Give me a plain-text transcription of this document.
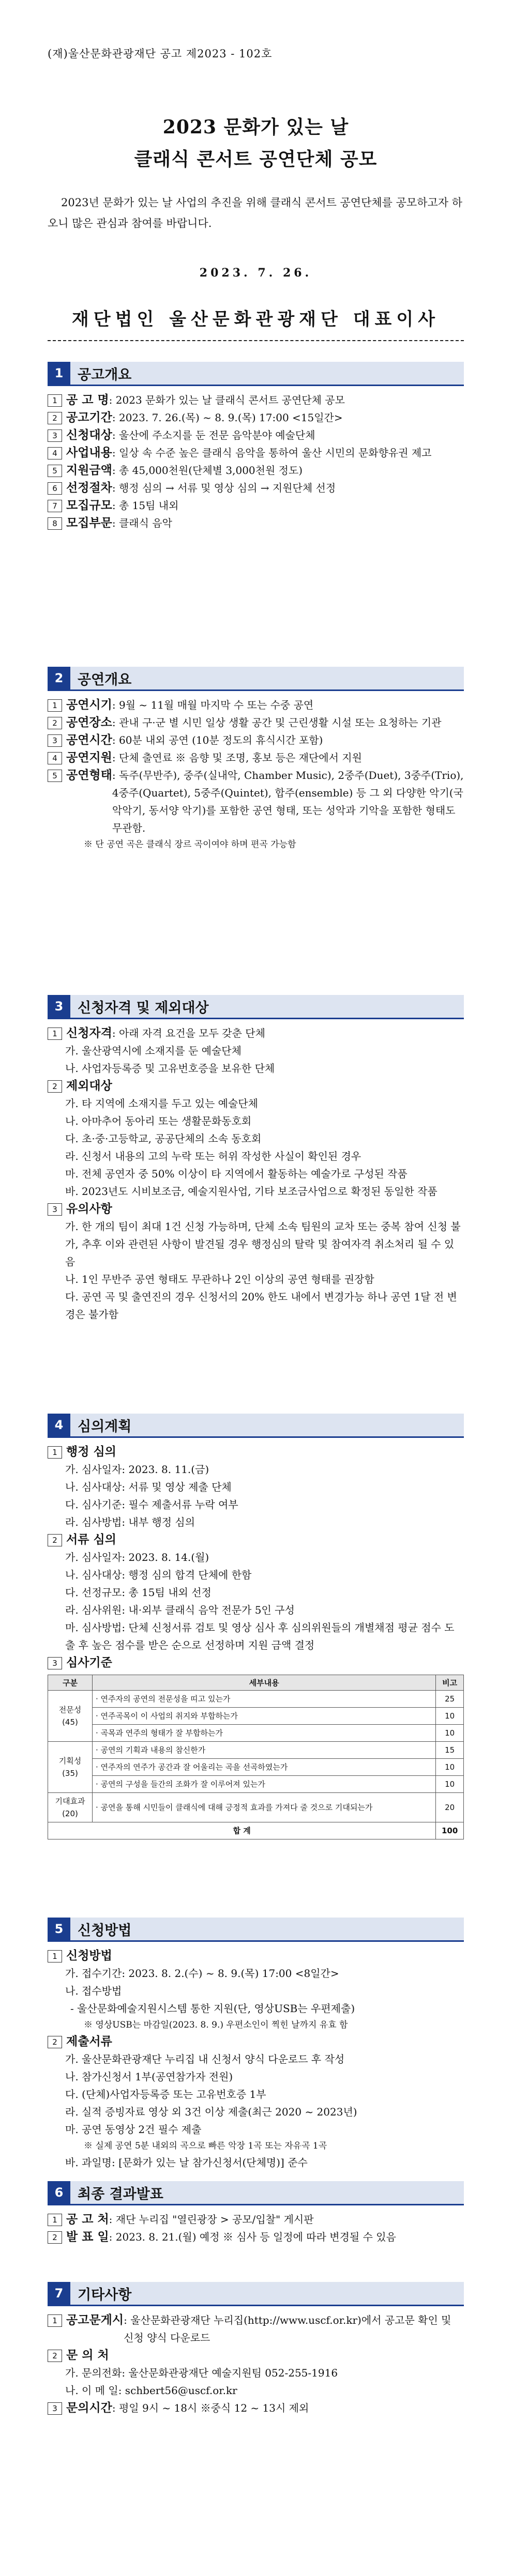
(재)울산문화관광재단 공고 제2023 - 102호
2023 문화가 있는 날
클래식 콘서트 공연단체 공모
2023년 문화가 있는 날 사업의 추진을 위해 클래식 콘서트 공연단체를 공모하고자 하오니 많은 관심과 참여를 바랍니다.
2023. 7. 26.
재단법인 울산문화관광재단 대표이사
1	공고개요
1 공 고 명 : 2023 문화가 있는 날 클래식 콘서트 공연단체 공모
2 공고기간 : 2023. 7. 26.(목) ~ 8. 9.(목) 17:00 <15일간>
3 신청대상 : 울산에 주소지를 둔 전문 음악분야 예술단체
4 사업내용 : 일상 속 수준 높은 클래식 음악을 통하여 울산 시민의 문화향유권 제고
5 지원금액 : 총 45,000천원(단체별 3,000천원 정도)
6 선정절차 : 행정 심의 → 서류 및 영상 심의 → 지원단체 선정
7 모집규모 : 총 15팀 내외
8 모집부문 : 클래식 음악
2	공연개요
1 공연시기 : 9월 ~ 11월 매월 마지막 수 또는 수중 공연
2 공연장소 : 관내 구·군 별 시민 일상 생활 공간 및 근린생활 시설 또는 요청하는 기관
3 공연시간 : 60분 내외 공연 (10분 정도의 휴식시간 포함)
4 공연지원 : 단체 출연료 ※ 음향 및 조명, 홍보 등은 재단에서 지원
5 공연형태 : 독주(무반주), 중주(실내악, Chamber Music), 2중주(Duet), 3중주(Trio), 4중주(Quartet), 5중주(Quintet), 합주(ensemble) 등 그 외 다양한 악기(국악악기, 동서양 악기)를 포함한 공연 형태, 또는 성악과 기악을 포함한 형태도 무관함.
※ 단 공연 곡은 클래식 장르 곡이여야 하며 편곡 가능함
3	신청자격 및 제외대상
1 신청자격 : 아래 자격 요건을 모두 갖춘 단체
가. 울산광역시에 소재지를 둔 예술단체
나. 사업자등록증 및 고유번호증을 보유한 단체
2 제외대상
가. 타 지역에 소재지를 두고 있는 예술단체
나. 아마추어 동아리 또는 생활문화동호회
다. 초·중·고등학교, 공공단체의 소속 동호회
라. 신청서 내용의 고의 누락 또는 허위 작성한 사실이 확인된 경우
마. 전체 공연자 중 50% 이상이 타 지역에서 활동하는 예술가로 구성된 작품
바. 2023년도 시비보조금, 예술지원사업, 기타 보조금사업으로 확정된 동일한 작품
3 유의사항
가. 한 개의 팀이 최대 1건 신청 가능하며, 단체 소속 팀원의 교차 또는 중복 참여 신청 불가, 추후 이와 관련된 사항이 발견될 경우 행정심의 탈락 및 참여자격 취소처리 될 수 있음
나. 1인 무반주 공연 형태도 무관하나 2인 이상의 공연 형태를 권장함
다. 공연 곡 및 출연진의 경우 신청서의 20% 한도 내에서 변경가능 하나 공연 1달 전 변경은 불가함
4	심의계획
1 행정 심의
가. 심사일자: 2023. 8. 11.(금)
나. 심사대상: 서류 및 영상 제출 단체
다. 심사기준: 필수 제출서류 누락 여부
라. 심사방법: 내부 행정 심의
2 서류 심의
가. 심사일자: 2023. 8. 14.(월)
나. 심사대상: 행정 심의 합격 단체에 한함
다. 선정규모: 총 15팀 내외 선정
라. 심사위원: 내·외부 클래식 음악 전문가 5인 구성
마. 심사방법: 단체 신청서류 검토 및 영상 심사 후 심의위원들의 개별채점 평균 점수 도출 후 높은 점수를 받은 순으로 선정하며 지원 금액 결정
3 심사기준
구분	세부내용	비고
전문성
(45)	· 연주자의 공연의 전문성을 띠고 있는가	25
	· 연주곡목이 이 사업의 취지와 부합하는가	10
	· 곡목과 연주의 형태가 잘 부합하는가	10
기획성
(35)	· 공연의 기획과 내용의 참신한가	15
	· 연주자의 연주가 공간과 잘 어울리는 곡을 선곡하였는가	10
	· 공연의 구성을 들간의 조화가 잘 이루어져 있는가	10
기대효과
(20)	· 공연을 통해 시민들이 클래식에 대해 긍정적 효과를 가져다 줄 것으로 기대되는가	20
합 계		100
5	신청방법
1 신청방법
가. 접수기간: 2023. 8. 2.(수) ~ 8. 9.(목) 17:00 <8일간>
나. 접수방법
- 울산문화예술지원시스템 통한 지원(단, 영상USB는 우편제출)
※ 영상USB는 마감일(2023. 8. 9.) 우편소인이 찍힌 날까지 유효 함
2 제출서류
가. 울산문화관광재단 누리집 내 신청서 양식 다운로드 후 작성
나. 참가신청서 1부(공연참가자 전원)
다. (단체)사업자등록증 또는 고유번호증 1부
라. 실적 증빙자료 영상 외 3건 이상 제출(최근 2020 ~ 2023년)
마. 공연 동영상 2건 필수 제출
※ 실제 공연 5분 내외의 곡으로 빠른 악장 1곡 또는 자유곡 1곡
바. 과일명: [문화가 있는 날 참가신청서(단체명)] 준수
6	최종 결과발표
1 공 고 처 : 재단 누리집 "열린광장 > 공모/입찰" 게시판
2 발 표 일 : 2023. 8. 21.(월) 예정 ※ 심사 등 일정에 따라 변경될 수 있음
7	기타사항
1 공고문게시 : 울산문화관광재단 누리집(http://www.uscf.or.kr)에서 공고문 확인 및 신청 양식 다운로드
2 문 의 처
가. 문의전화: 울산문화관광재단 예술지원팀 052-255-1916
나. 이 메 일: schbert56@uscf.or.kr
3 문의시간 : 평일 9시 ~ 18시 ※중식 12 ~ 13시 제외
